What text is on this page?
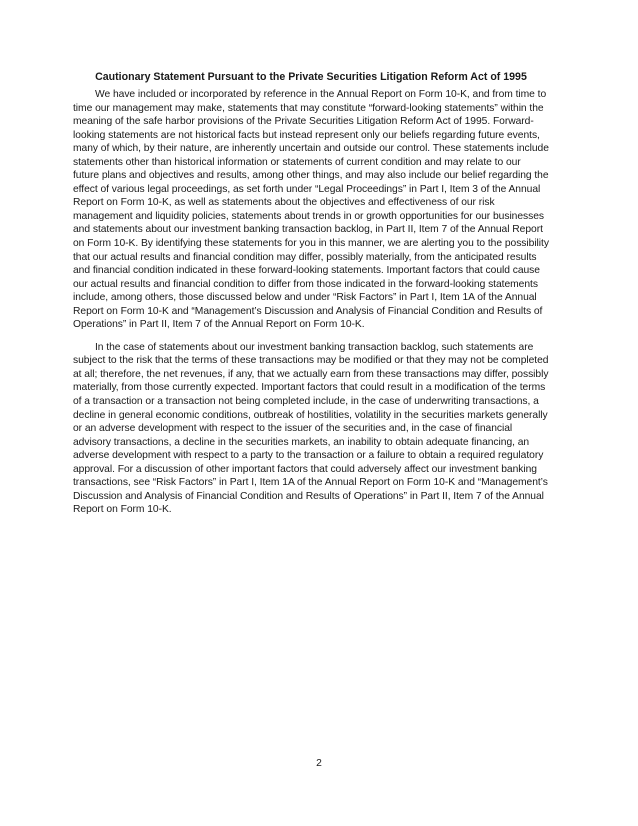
Cautionary Statement Pursuant to the Private Securities Litigation Reform Act of 1995

We have included or incorporated by reference in the Annual Report on Form 10-K, and from time to time our management may make, statements that may constitute “forward-looking statements” within the meaning of the safe harbor provisions of the Private Securities Litigation Reform Act of 1995. Forward-looking statements are not historical facts but instead represent only our beliefs regarding future events, many of which, by their nature, are inherently uncertain and outside our control. These statements include statements other than historical information or statements of current condition and may relate to our future plans and objectives and results, among other things, and may also include our belief regarding the effect of various legal proceedings, as set forth under “Legal Proceedings” in Part I, Item 3 of the Annual Report on Form 10-K, as well as statements about the objectives and effectiveness of our risk management and liquidity policies, statements about trends in or growth opportunities for our businesses and statements about our investment banking transaction backlog, in Part II, Item 7 of the Annual Report on Form 10-K. By identifying these statements for you in this manner, we are alerting you to the possibility that our actual results and financial condition may differ, possibly materially, from the anticipated results and financial condition indicated in these forward-looking statements. Important factors that could cause our actual results and financial condition to differ from those indicated in the forward-looking statements include, among others, those discussed below and under “Risk Factors” in Part I, Item 1A of the Annual Report on Form 10-K and “Management’s Discussion and Analysis of Financial Condition and Results of Operations” in Part II, Item 7 of the Annual Report on Form 10-K.

In the case of statements about our investment banking transaction backlog, such statements are subject to the risk that the terms of these transactions may be modified or that they may not be completed at all; therefore, the net revenues, if any, that we actually earn from these transactions may differ, possibly materially, from those currently expected. Important factors that could result in a modification of the terms of a transaction or a transaction not being completed include, in the case of underwriting transactions, a decline in general economic conditions, outbreak of hostilities, volatility in the securities markets generally or an adverse development with respect to the issuer of the securities and, in the case of financial advisory transactions, a decline in the securities markets, an inability to obtain adequate financing, an adverse development with respect to a party to the transaction or a failure to obtain a required regulatory approval. For a discussion of other important factors that could adversely affect our investment banking transactions, see “Risk Factors” in Part I, Item 1A of the Annual Report on Form 10-K and “Management’s Discussion and Analysis of Financial Condition and Results of Operations” in Part II, Item 7 of the Annual Report on Form 10-K.

2
